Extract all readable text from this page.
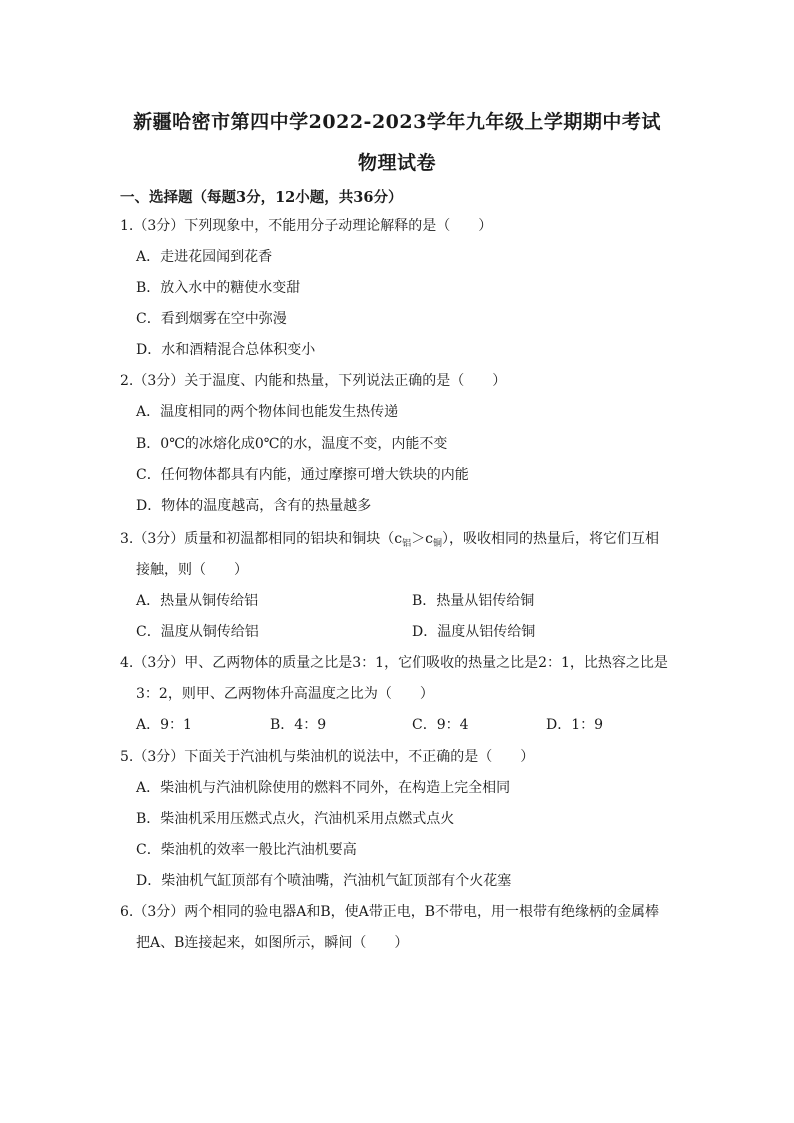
新疆哈密市第四中学2022-2023学年九年级上学期期中考试
物理试卷
一、选择题（每题3分，12小题，共36分）
1.（3分）下列现象中，不能用分子动理论解释的是（　　）
A．走进花园闻到花香
B．放入水中的糖使水变甜
C．看到烟雾在空中弥漫
D．水和酒精混合总体积变小
2.（3分）关于温度、内能和热量，下列说法正确的是（　　）
A．温度相同的两个物体间也能发生热传递
B．0℃的冰熔化成0℃的水，温度不变，内能不变
C．任何物体都具有内能，通过摩擦可增大铁块的内能
D．物体的温度越高，含有的热量越多
3.（3分）质量和初温都相同的铝块和铜块$(c_铝>c_铜)$，吸收相同的热量后，将它们互相
接触，则（　　）
A．热量从铜传给铝	B．热量从铝传给铜
C．温度从铜传给铝	D．温度从铝传给铜
4.（3分）甲、乙两物体的质量之比是3：1，它们吸收的热量之比是2：1，比热容之比是
3：2，则甲、乙两物体升高温度之比为（　　）
A．9：1	B．4：9	C．9：4	D．1：9
5.（3分）下面关于汽油机与柴油机的说法中，不正确的是（　　）
A．柴油机与汽油机除使用的燃料不同外，在构造上完全相同
B．柴油机采用压燃式点火，汽油机采用点燃式点火
C．柴油机的效率一般比汽油机要高
D．柴油机气缸顶部有个喷油嘴，汽油机气缸顶部有个火花塞
6.（3分）两个相同的验电器A和B，使A带正电，B不带电，用一根带有绝缘柄的金属棒
把A、B连接起来，如图所示，瞬间（　　）
